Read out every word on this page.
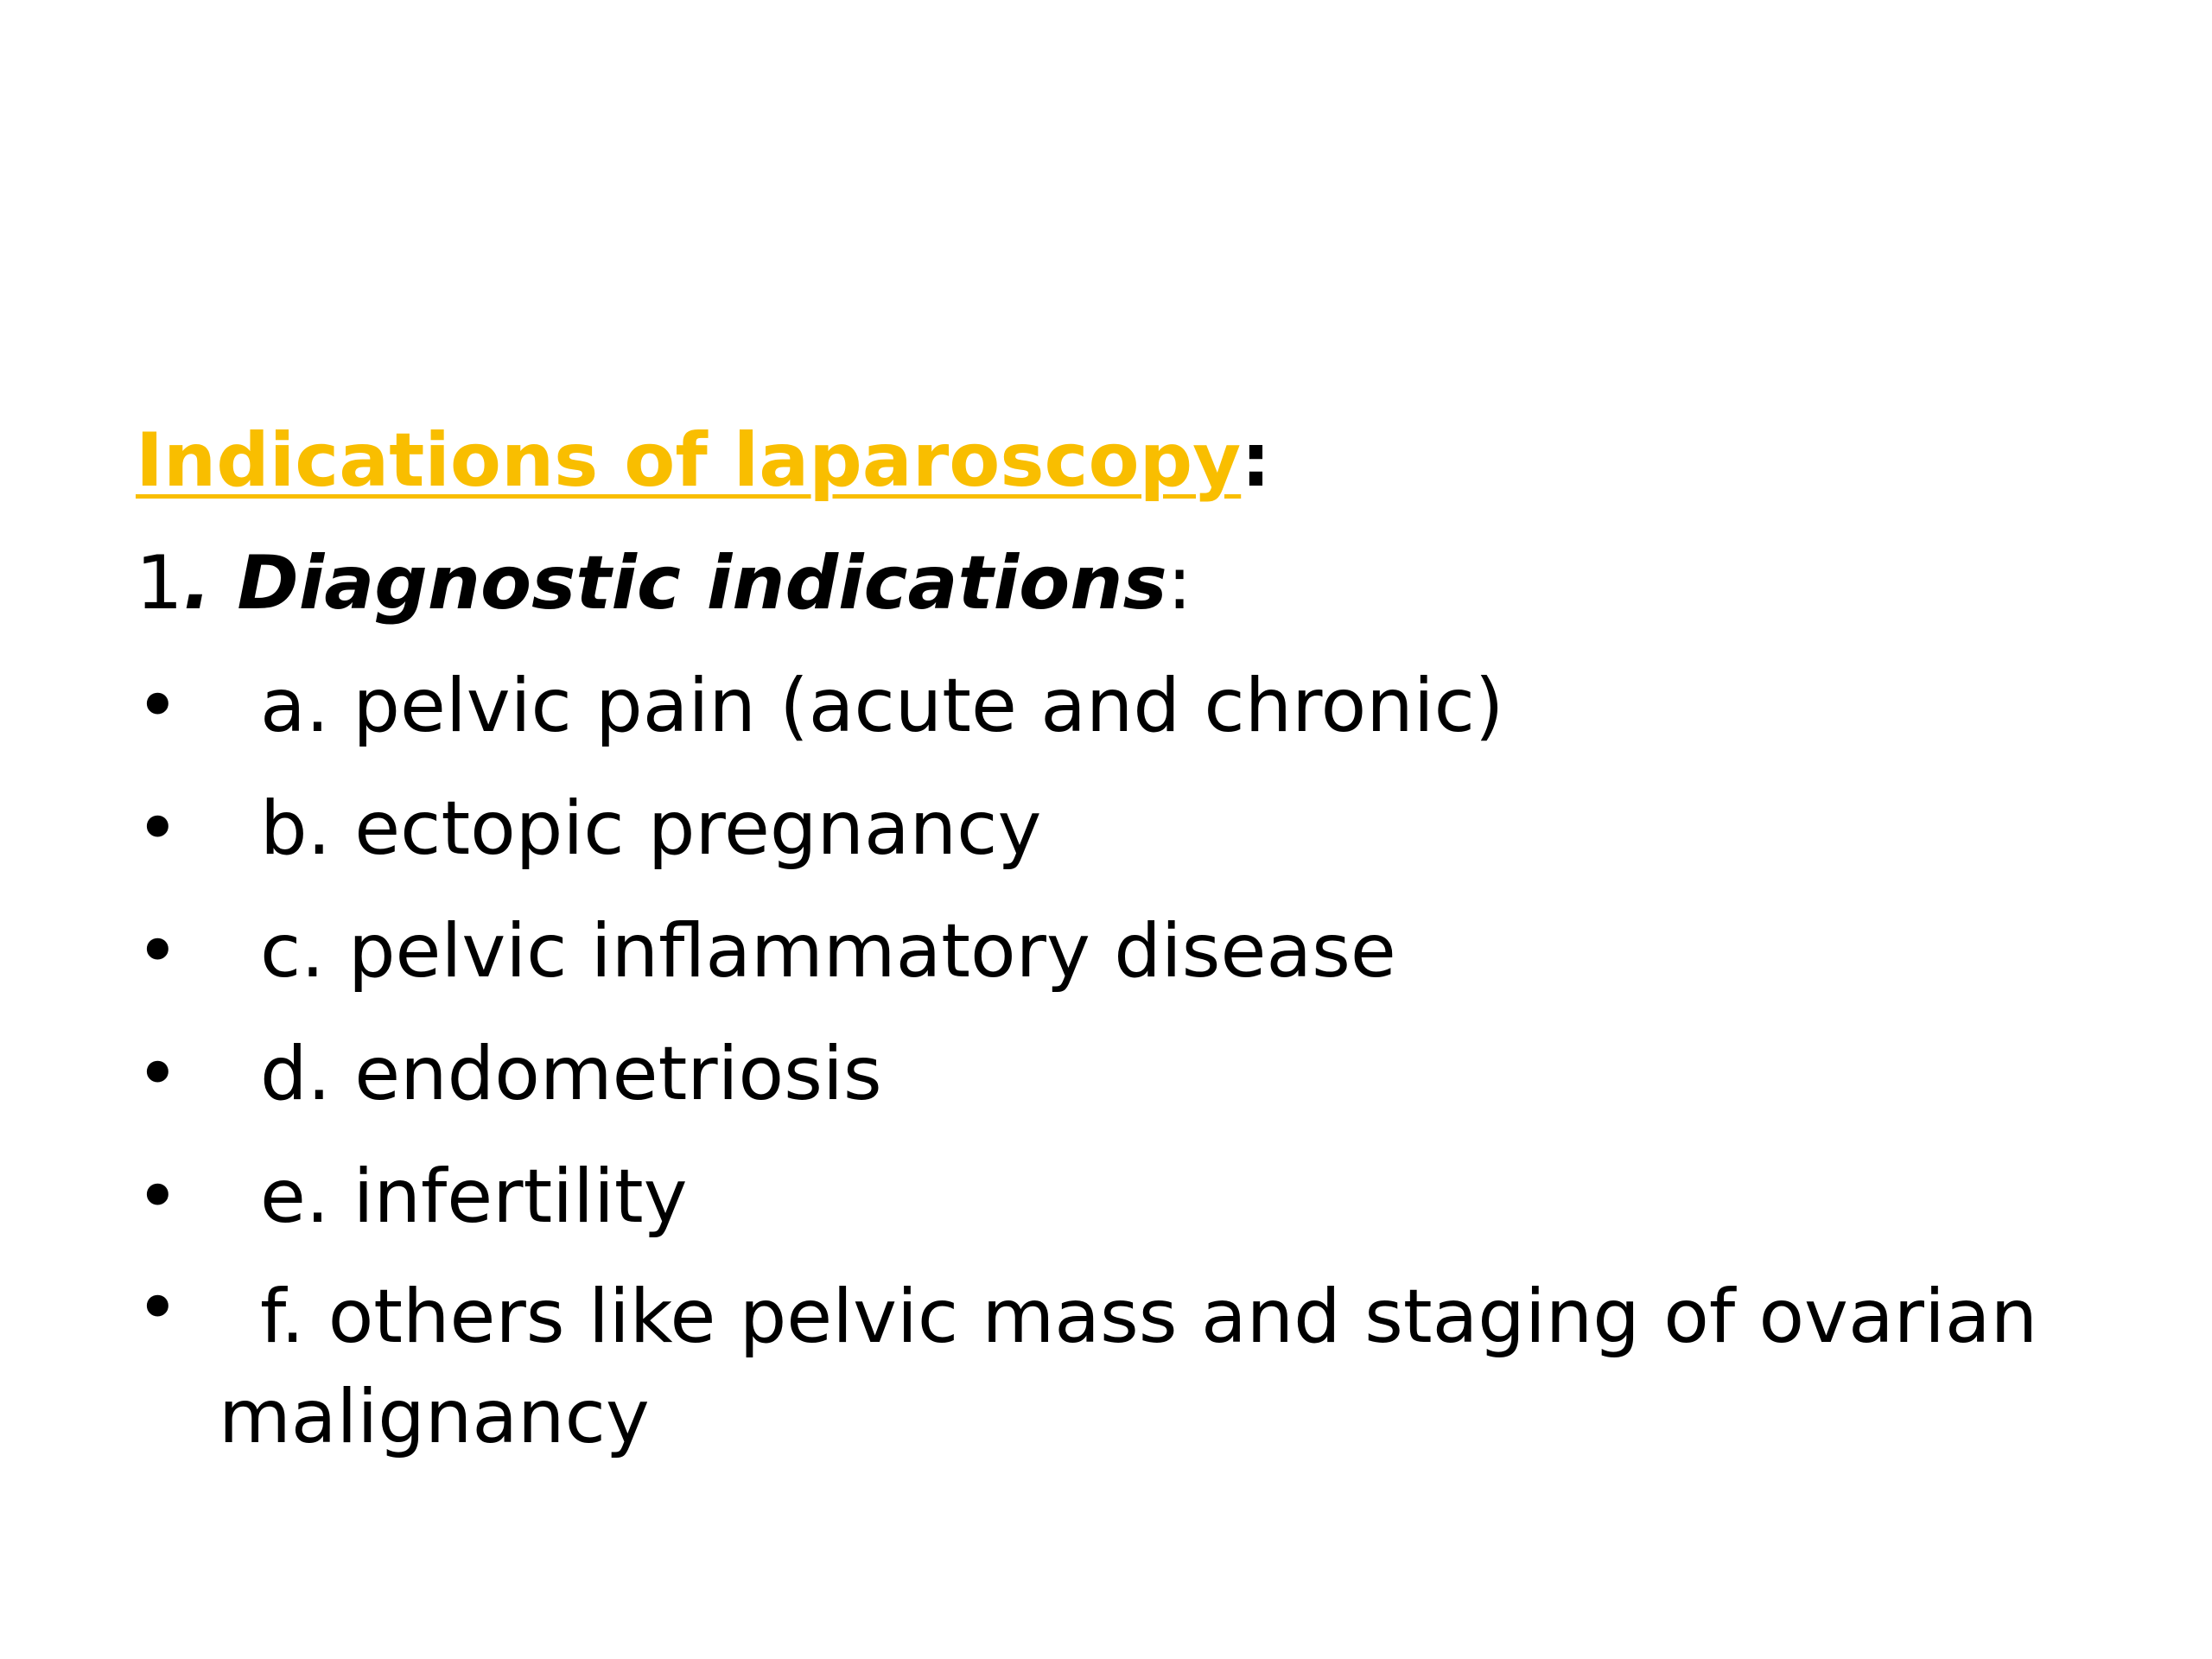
Indications of laparoscopy:
1. Diagnostic indications:
• a. pelvic pain (acute and chronic)
• b. ectopic pregnancy
• c. pelvic inflammatory disease
• d. endometriosis
• e. infertility
• f. others like pelvic mass and staging of ovarian malignancy
